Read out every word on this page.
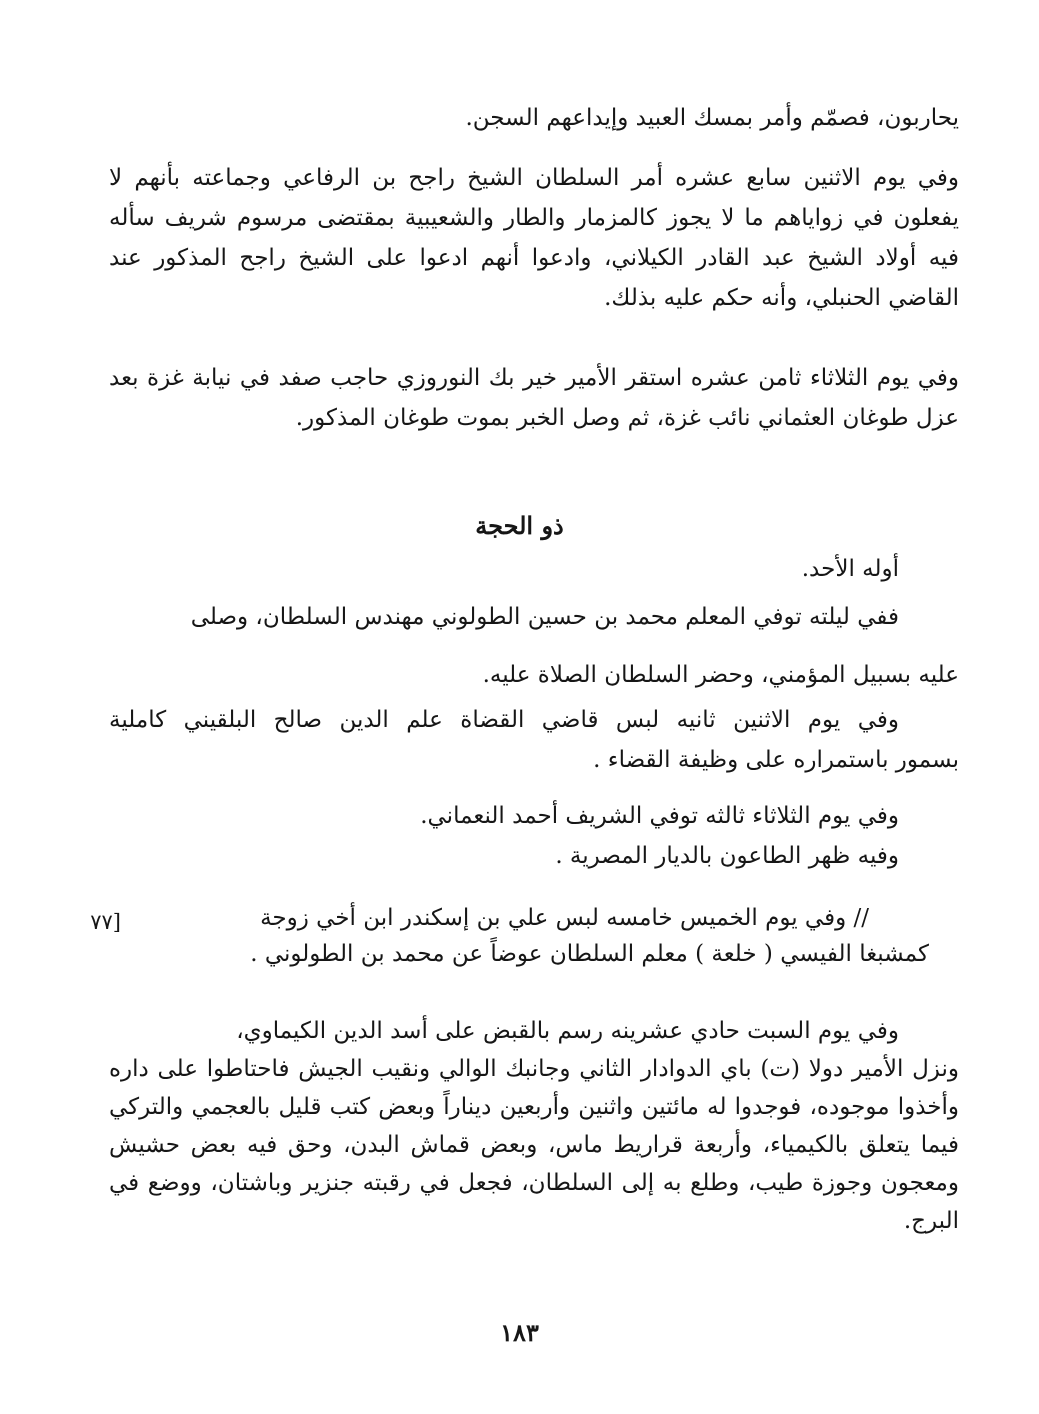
يحاربون، فصمّم وأمر بمسك العبيد وإيداعهم السجن.

وفي يوم الاثنين سابع عشره أمر السلطان الشيخ راجح بن الرفاعي وجماعته بأنهم لا يفعلون في زواياهم ما لا يجوز كالمزمار والطار والشعيبية بمقتضى مرسوم شريف سأله فيه أولاد الشيخ عبد القادر الكيلاني، وادعوا أنهم ادعوا على الشيخ راجح المذكور عند القاضي الحنبلي، وأنه حكم عليه بذلك.

وفي يوم الثلاثاء ثامن عشره استقر الأمير خير بك النوروزي حاجب صفد في نيابة غزة بعد عزل طوغان العثماني نائب غزة، ثم وصل الخبر بموت طوغان المذكور.

ذو الحجة

أوله الأحد.

ففي ليلته توفي المعلم محمد بن حسين الطولوني مهندس السلطان، وصلى
عليه بسبيل المؤمني، وحضر السلطان الصلاة عليه.

وفي يوم الاثنين ثانيه لبس قاضي القضاة علم الدين صالح البلقيني كاملية
بسمور باستمراره على وظيفة القضاء .

وفي يوم الثلاثاء ثالثه توفي الشريف أحمد النعماني.

وفيه ظهر الطاعون بالديار المصرية .

// وفي يوم الخميس خامسه لبس علي بن إسكندر ابن أخي زوجة
كمشبغا الفيسي ( خلعة ) معلم السلطان عوضاً عن محمد بن الطولوني .

[٧٧

وفي يوم السبت حادي عشرينه رسم بالقبض على أسد الدين الكيماوي،
ونزل الأمير دولا (ت) باي الدوادار الثاني وجانبك الوالي ونقيب الجيش فاحتاطوا على داره وأخذوا موجوده، فوجدوا له مائتين واثنين وأربعين ديناراً وبعض كتب قليل بالعجمي والتركي فيما يتعلق بالكيمياء، وأربعة قراريط ماس، وبعض قماش البدن، وحق فيه بعض حشيش ومعجون وجوزة طيب، وطلع به إلى السلطان، فجعل في رقبته جنزير وباشتان، ووضع في البرج.

١٨٣
